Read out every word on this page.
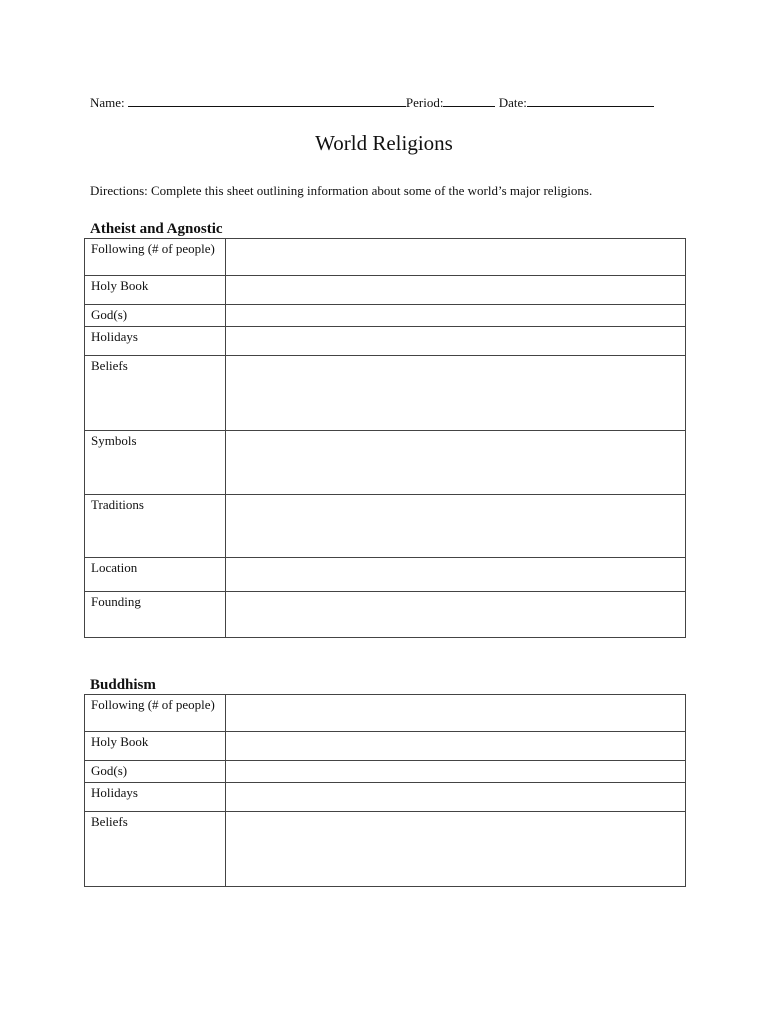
Name:	Period:	Date:
World Religions
Directions: Complete this sheet outlining information about some of the world’s major religions.
Atheist and Agnostic
Following (# of people)	
Holy Book	
God(s)	
Holidays	
Beliefs	
Symbols	
Traditions	
Location	
Founding	
Buddhism
Following (# of people)	
Holy Book	
God(s)	
Holidays	
Beliefs	
